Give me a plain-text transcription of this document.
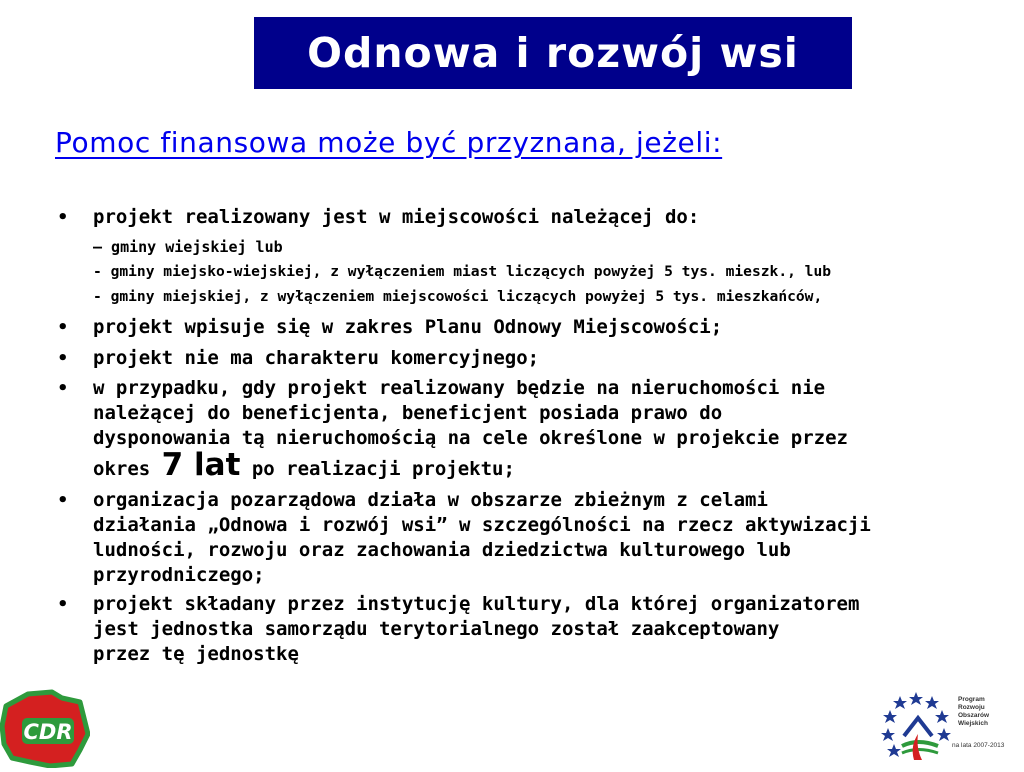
Odnowa i rozwój wsi
Pomoc finansowa może być przyznana, jeżeli:
• projekt realizowany jest w miejscowości należącej do:
– gminy wiejskiej lub
- gminy miejsko-wiejskiej, z wyłączeniem miast liczących powyżej 5 tys. mieszk., lub
- gminy miejskiej, z wyłączeniem miejscowości liczących powyżej 5 tys. mieszkańców,
• projekt wpisuje się w zakres Planu Odnowy Miejscowości;
• projekt nie ma charakteru komercyjnego;
• w przypadku, gdy projekt realizowany będzie na nieruchomości nie
należącej do beneficjenta, beneficjent posiada prawo do
dysponowania tą nieruchomością na cele określone w projekcie przez
okres 7 lat po realizacji projektu;
• organizacja pozarządowa działa w obszarze zbieżnym z celami
działania „Odnowa i rozwój wsi” w szczególności na rzecz aktywizacji
ludności, rozwoju oraz zachowania dziedzictwa kulturowego lub
przyrodniczego;
• projekt składany przez instytucję kultury, dla której organizatorem
jest jednostka samorządu terytorialnego został zaakceptowany
przez tę jednostkę
CDR
Program
Rozwoju
Obszarów
Wiejskich
na lata 2007-2013
